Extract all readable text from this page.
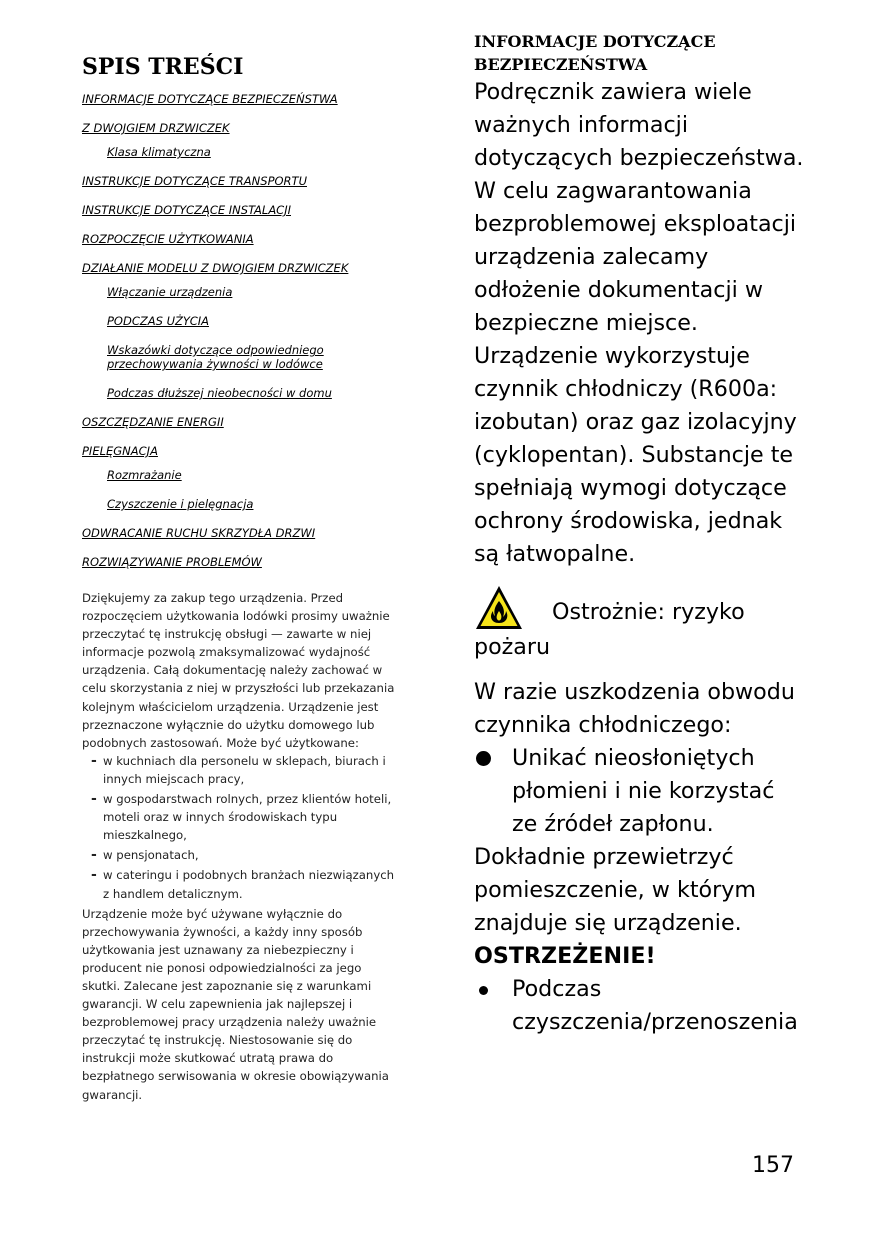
SPIS TREŚCI
INFORMACJE DOTYCZĄCE BEZPIECZEŃSTWA
Z DWOJGIEM DRZWICZEK
Klasa klimatyczna
INSTRUKCJE DOTYCZĄCE TRANSPORTU
INSTRUKCJE DOTYCZĄCE INSTALACJI
ROZPOCZĘCIE UŻYTKOWANIA
DZIAŁANIE MODELU Z DWOJGIEM DRZWICZEK
Włączanie urządzenia
PODCZAS UŻYCIA
Wskazówki dotyczące odpowiedniego przechowywania żywności w lodówce
Podczas dłuższej nieobecności w domu
OSZCZĘDZANIE ENERGII
PIELĘGNACJA
Rozmrażanie
Czyszczenie i pielęgnacja
ODWRACANIE RUCHU SKRZYDŁA DRZWI
ROZWIĄZYWANIE PROBLEMÓW

Dziękujemy za zakup tego urządzenia. Przed rozpoczęciem użytkowania lodówki prosimy uważnie przeczytać tę instrukcję obsługi — zawarte w niej informacje pozwolą zmaksymalizować wydajność urządzenia. Całą dokumentację należy zachować w celu skorzystania z niej w przyszłości lub przekazania kolejnym właścicielom urządzenia. Urządzenie jest przeznaczone wyłącznie do użytku domowego lub podobnych zastosowań. Może być użytkowane:

- w kuchniach dla personelu w sklepach, biurach i innych miejscach pracy,
- w gospodarstwach rolnych, przez klientów hoteli, moteli oraz w innych środowiskach typu mieszkalnego,
- w pensjonatach,
- w cateringu i podobnych branżach niezwiązanych z handlem detalicznym.

Urządzenie może być używane wyłącznie do przechowywania żywności, a każdy inny sposób użytkowania jest uznawany za niebezpieczny i producent nie ponosi odpowiedzialności za jego skutki. Zalecane jest zapoznanie się z warunkami gwarancji. W celu zapewnienia jak najlepszej i bezproblemowej pracy urządzenia należy uważnie przeczytać tę instrukcję. Niestosowanie się do instrukcji może skutkować utratą prawa do bezpłatnego serwisowania w okresie obowiązywania gwarancji.

INFORMACJE DOTYCZĄCE BEZPIECZEŃSTWA

Podręcznik zawiera wiele ważnych informacji dotyczących bezpieczeństwa. W celu zagwarantowania bezproblemowej eksploatacji urządzenia zalecamy odłożenie dokumentacji w bezpieczne miejsce.

Urządzenie wykorzystuje czynnik chłodniczy (R600a: izobutan) oraz gaz izolacyjny (cyklopentan). Substancje te spełniają wymogi dotyczące ochrony środowiska, jednak są łatwopalne.

Ostrożnie: ryzyko

pożaru

W razie uszkodzenia obwodu czynnika chłodniczego:

Unikać nieosłoniętych płomieni i nie korzystać ze źródeł zapłonu.

Dokładnie przewietrzyć pomieszczenie, w którym znajduje się urządzenie.

OSTRZEŻENIE!

Podczas czyszczenia/przenoszenia
157
